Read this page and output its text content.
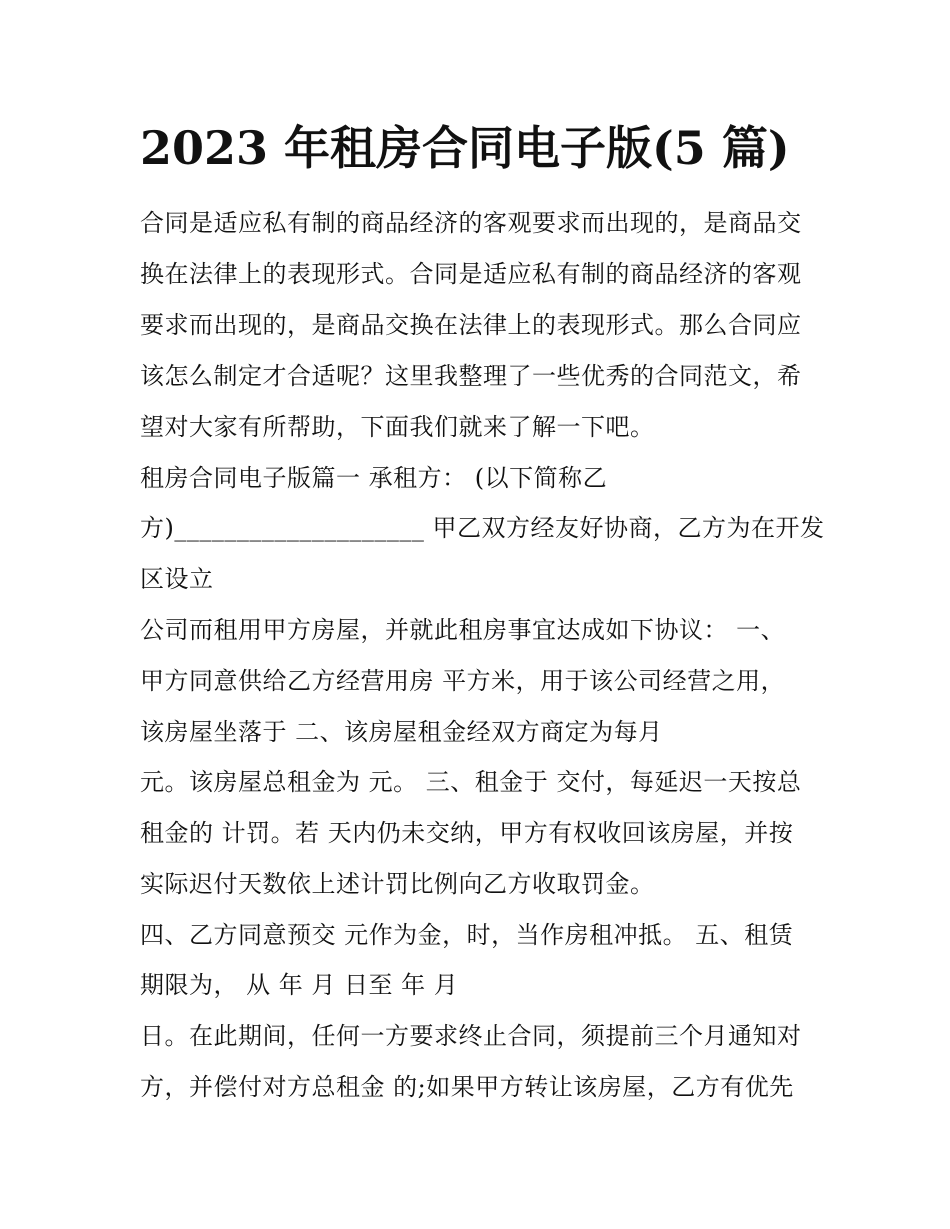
2023 年租房合同电子版(5 篇)

合同是适应私有制的商品经济的客观要求而出现的，是商品交

换在法律上的表现形式。合同是适应私有制的商品经济的客观

要求而出现的，是商品交换在法律上的表现形式。那么合同应

该怎么制定才合适呢？这里我整理了一些优秀的合同范文，希

望对大家有所帮助，下面我们就来了解一下吧。

租房合同电子版篇一 承租方： (以下简称乙

方)____________________ 甲乙双方经友好协商，乙方为在开发

区设立

公司而租用甲方房屋，并就此租房事宜达成如下协议： 一、

甲方同意供给乙方经营用房 平方米，用于该公司经营之用，

该房屋坐落于 二、该房屋租金经双方商定为每月

元。该房屋总租金为 元。 三、租金于 交付，每延迟一天按总

租金的 计罚。若 天内仍未交纳，甲方有权收回该房屋，并按

实际迟付天数依上述计罚比例向乙方收取罚金。

四、乙方同意预交 元作为金，时，当作房租冲抵。 五、租赁

期限为， 从 年 月 日至 年 月

日。在此期间，任何一方要求终止合同，须提前三个月通知对

方，并偿付对方总租金 的;如果甲方转让该房屋，乙方有优先
